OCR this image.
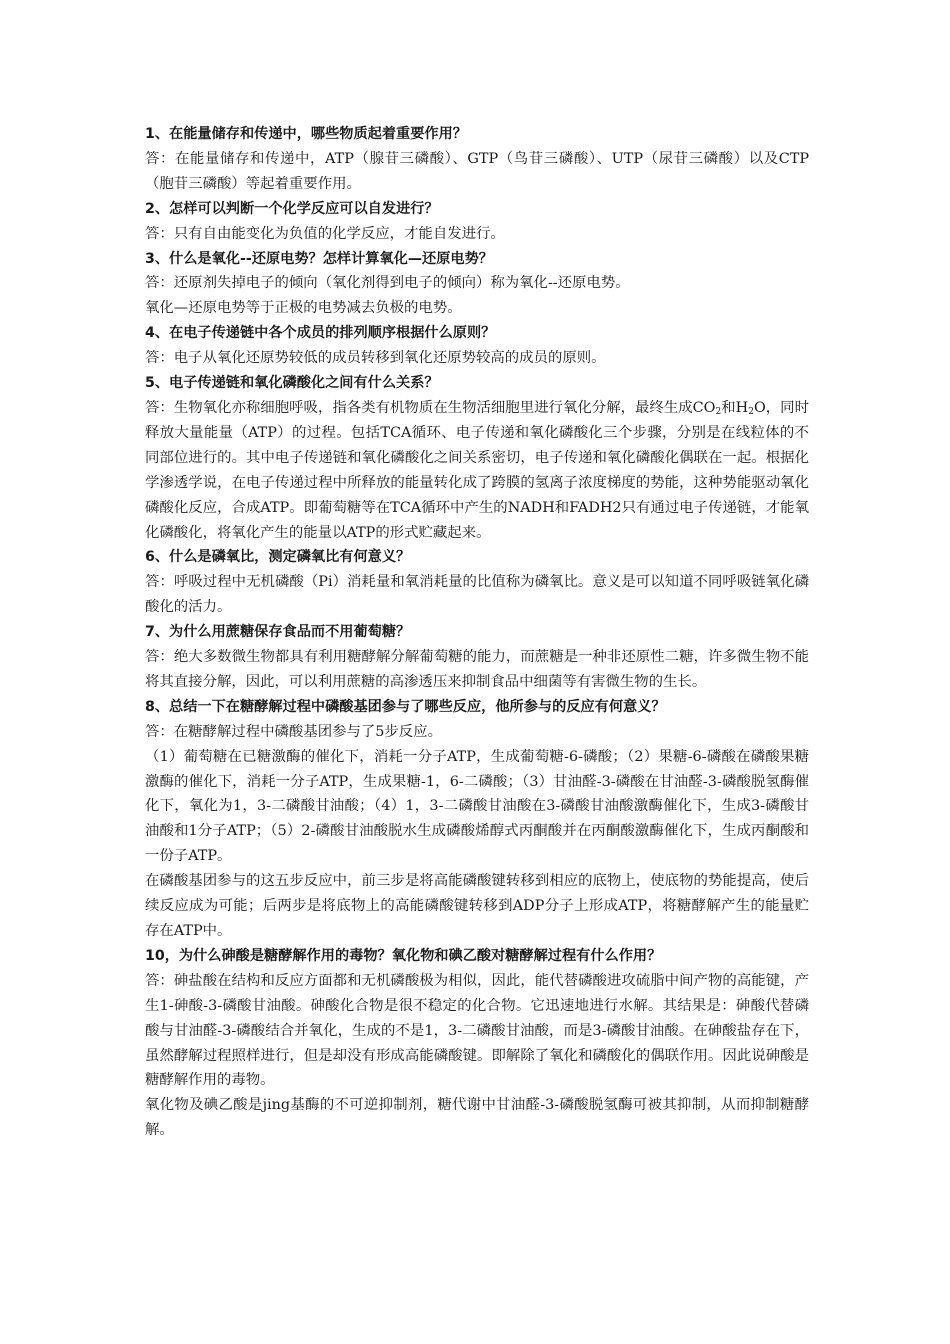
1、在能量储存和传递中，哪些物质起着重要作用？

答：在能量储存和传递中，ATP（腺苷三磷酸）、GTP（鸟苷三磷酸）、UTP（尿苷三磷酸）以及CTP（胞苷三磷酸）等起着重要作用。

2、怎样可以判断一个化学反应可以自发进行？

答：只有自由能变化为负值的化学反应，才能自发进行。

3、什么是氧化--还原电势？怎样计算氧化—还原电势？

答：还原剂失掉电子的倾向（氧化剂得到电子的倾向）称为氧化--还原电势。

氧化—还原电势等于正极的电势减去负极的电势。

4、在电子传递链中各个成员的排列顺序根据什么原则？

答：电子从氧化还原势较低的成员转移到氧化还原势较高的成员的原则。

5、电子传递链和氧化磷酸化之间有什么关系？

答：生物氧化亦称细胞呼吸，指各类有机物质在生物活细胞里进行氧化分解，最终生成$CO_2$和$H_2O$，同时释放大量能量（ATP）的过程。包括TCA循环、电子传递和氧化磷酸化三个步骤，分别是在线粒体的不同部位进行的。其中电子传递链和氧化磷酸化之间关系密切，电子传递和氧化磷酸化偶联在一起。根据化学渗透学说，在电子传递过程中所释放的能量转化成了跨膜的氢离子浓度梯度的势能，这种势能驱动氧化磷酸化反应，合成ATP。即葡萄糖等在TCA循环中产生的NADH和FADH2只有通过电子传递链，才能氧化磷酸化，将氧化产生的能量以ATP的形式贮藏起来。

6、什么是磷氧比，测定磷氧比有何意义？

答：呼吸过程中无机磷酸（Pi）消耗量和氧消耗量的比值称为磷氧比。意义是可以知道不同呼吸链氧化磷酸化的活力。

7、为什么用蔗糖保存食品而不用葡萄糖？

答：绝大多数微生物都具有利用糖酵解分解葡萄糖的能力，而蔗糖是一种非还原性二糖，许多微生物不能将其直接分解，因此，可以利用蔗糖的高渗透压来抑制食品中细菌等有害微生物的生长。

8、总结一下在糖酵解过程中磷酸基团参与了哪些反应，他所参与的反应有何意义？

答：在糖酵解过程中磷酸基团参与了5步反应。

（1）葡萄糖在已糖激酶的催化下，消耗一分子ATP，生成葡萄糖-6-磷酸；（2）果糖-6-磷酸在磷酸果糖激酶的催化下，消耗一分子ATP，生成果糖-1，6-二磷酸；（3）甘油醛-3-磷酸在甘油醛-3-磷酸脱氢酶催化下，氧化为1，3-二磷酸甘油酸；（4）1，3-二磷酸甘油酸在3-磷酸甘油酸激酶催化下，生成3-磷酸甘油酸和1分子ATP；（5）2-磷酸甘油酸脱水生成磷酸烯醇式丙酮酸并在丙酮酸激酶催化下，生成丙酮酸和一份子ATP。

在磷酸基团参与的这五步反应中，前三步是将高能磷酸键转移到相应的底物上，使底物的势能提高，使后续反应成为可能；后两步是将底物上的高能磷酸键转移到ADP分子上形成ATP，将糖酵解产生的能量贮存在ATP中。

10，为什么砷酸是糖酵解作用的毒物？氧化物和碘乙酸对糖酵解过程有什么作用？

答：砷盐酸在结构和反应方面都和无机磷酸极为相似，因此，能代替磷酸进攻硫脂中间产物的高能键，产生1-砷酸-3-磷酸甘油酸。砷酸化合物是很不稳定的化合物。它迅速地进行水解。其结果是：砷酸代替磷酸与甘油醛-3-磷酸结合并氧化，生成的不是1，3-二磷酸甘油酸，而是3-磷酸甘油酸。在砷酸盐存在下，虽然酵解过程照样进行，但是却没有形成高能磷酸键。即解除了氧化和磷酸化的偶联作用。因此说砷酸是糖酵解作用的毒物。

氧化物及碘乙酸是jing基酶的不可逆抑制剂，糖代谢中甘油醛-3-磷酸脱氢酶可被其抑制，从而抑制糖酵解。
